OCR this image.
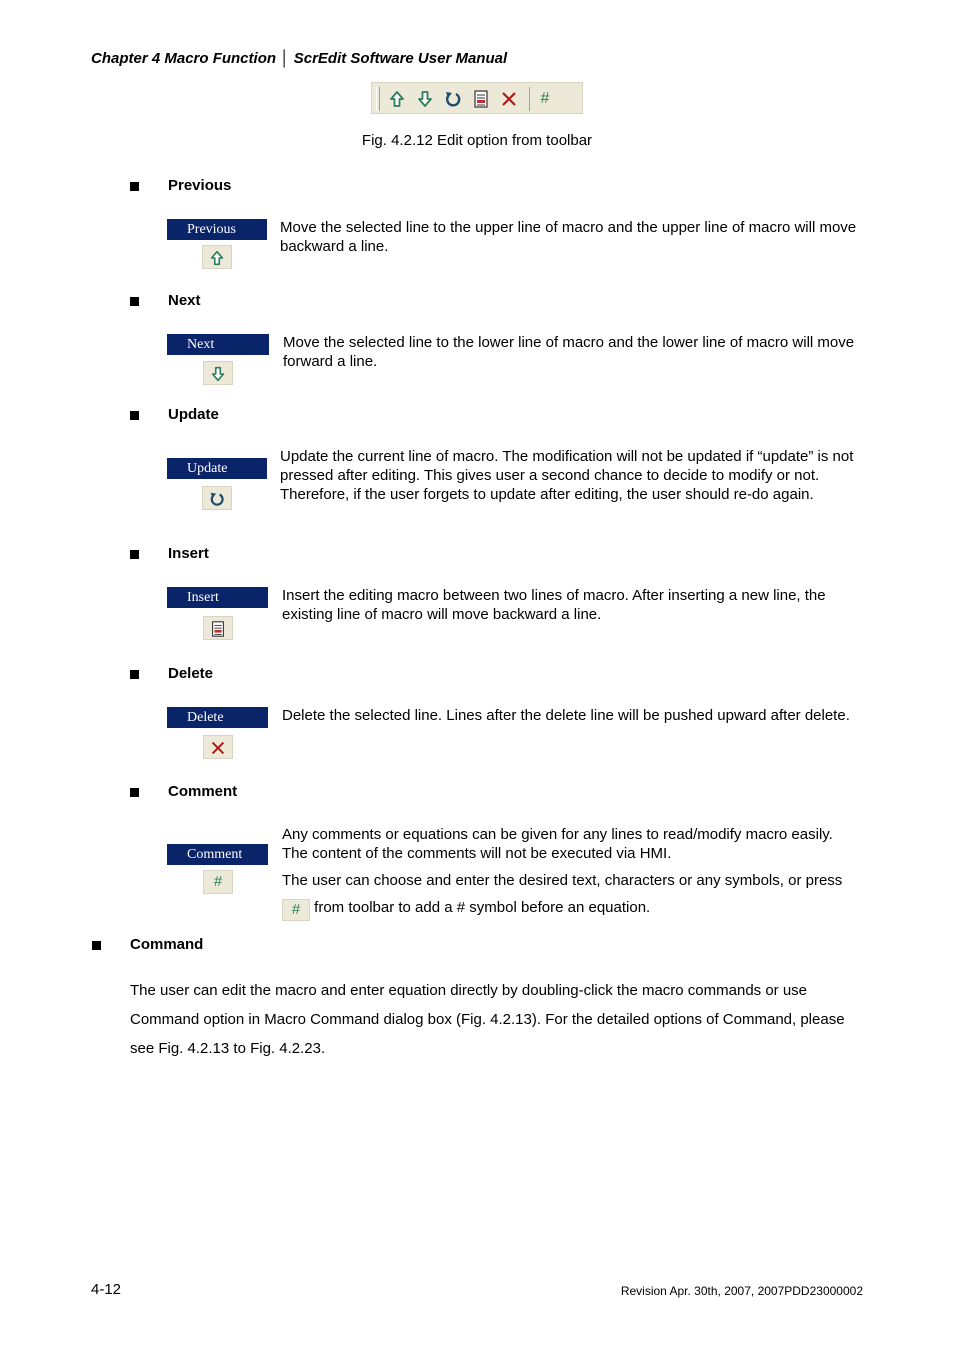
Chapter 4 Macro Function │ ScrEdit Software User Manual
#
Fig. 4.2.12 Edit option from toolbar
Previous
Previous	Move the selected line to the upper line of macro and the upper line of macro will move backward a line.
Next
Next	Move the selected line to the lower line of macro and the lower line of macro will move forward a line.
Update
Update
Update the current line of macro. The modification will not be updated if “update” is not pressed after editing. This gives user a second chance to decide to modify or not. Therefore, if the user forgets to update after editing, the user should re-do again.
Insert
Insert	Insert the editing macro between two lines of macro. After inserting a new line, the existing line of macro will move backward a line.
Delete
Delete	Delete the selected line. Lines after the delete line will be pushed upward after delete.
Comment
Comment
#
Any comments or equations can be given for any lines to read/modify macro easily. The content of the comments will not be executed via HMI.
The user can choose and enter the desired text, characters or any symbols, or press # from toolbar to add a # symbol before an equation.
Command
The user can edit the macro and enter equation directly by doubling-click the macro commands or use Command option in Macro Command dialog box (Fig. 4.2.13). For the detailed options of Command, please see Fig. 4.2.13 to Fig. 4.2.23.
4-12	Revision Apr. 30th, 2007, 2007PDD23000002
